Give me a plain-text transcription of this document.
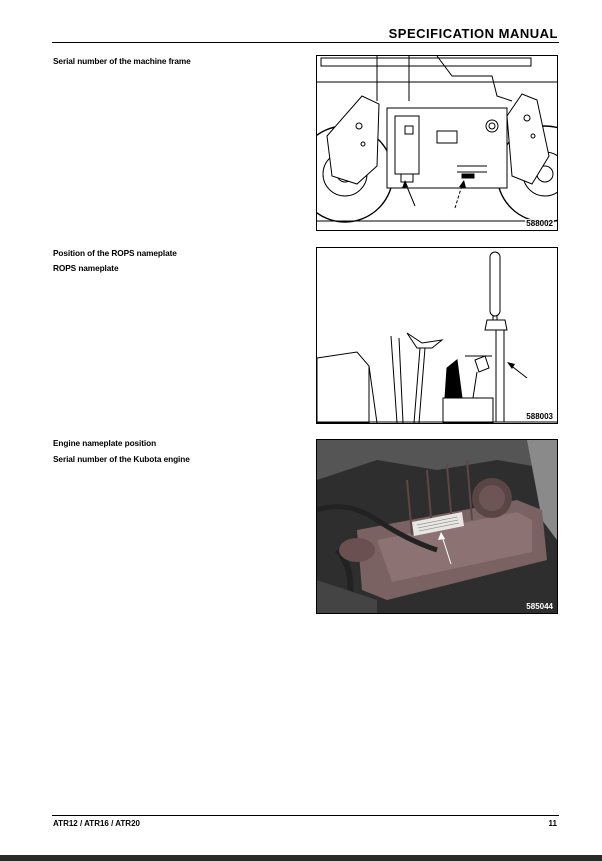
SPECIFICATION MANUAL
Serial number of the machine frame
588002
Position of the ROPS nameplate
ROPS nameplate
588003
Engine nameplate position
Serial number of the Kubota engine
585044
ATR12 / ATR16 / ATR20	11
